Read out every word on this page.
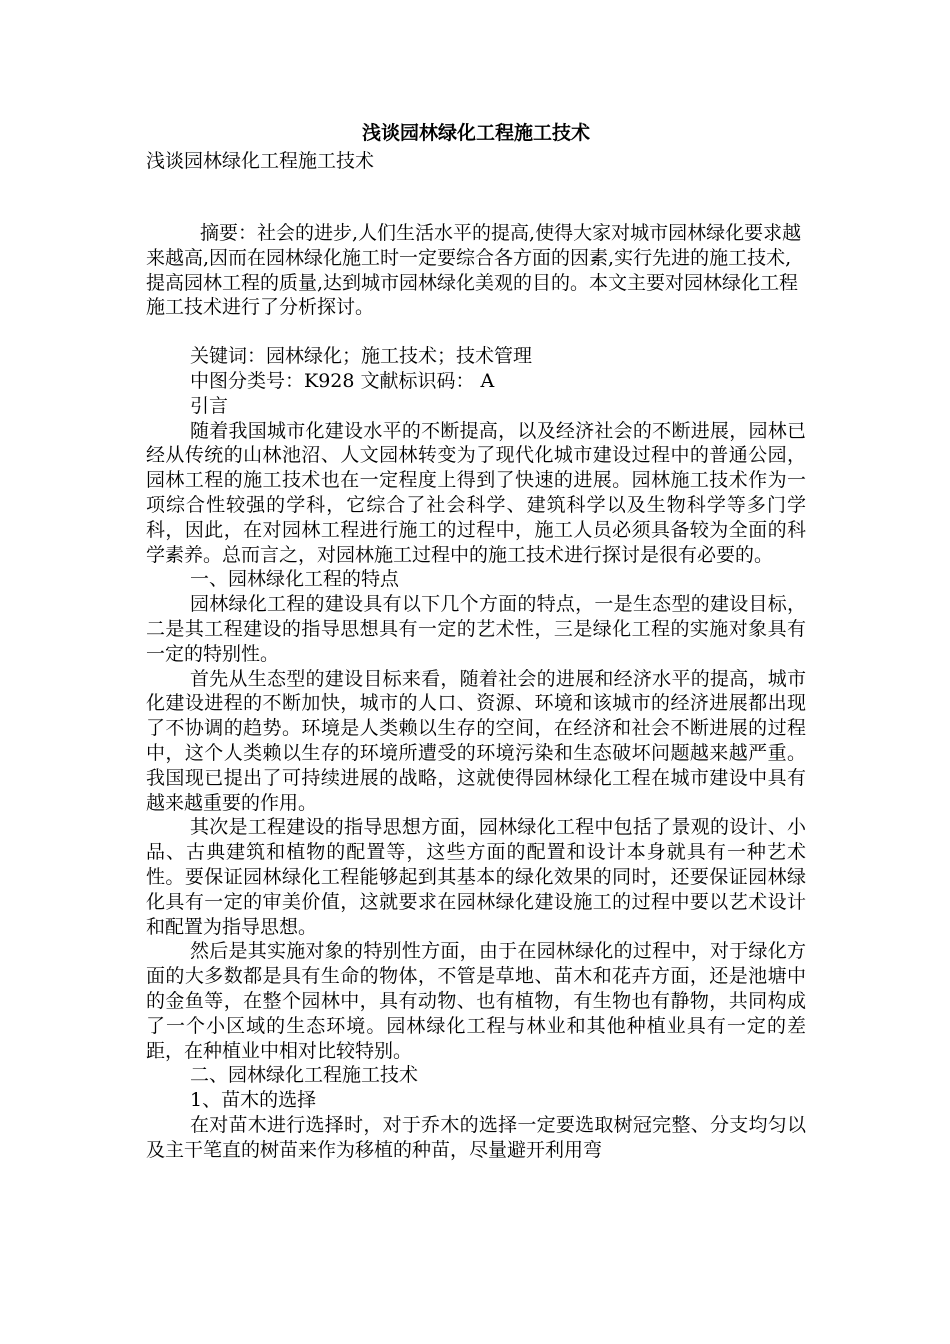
浅谈园林绿化工程施工技术
浅谈园林绿化工程施工技术

摘要：社会的进步,人们生活水平的提高,使得大家对城市园林绿化要求越来越高,因而在园林绿化施工时一定要综合各方面的因素,实行先进的施工技术,提高园林工程的质量,达到城市园林绿化美观的目的。本文主要对园林绿化工程施工技术进行了分析探讨。

关键词：园林绿化；施工技术；技术管理

中图分类号：K928 文献标识码： A

引言

随着我国城市化建设水平的不断提高，以及经济社会的不断进展，园林已经从传统的山林池沼、人文园林转变为了现代化城市建设过程中的普通公园，园林工程的施工技术也在一定程度上得到了快速的进展。园林施工技术作为一项综合性较强的学科，它综合了社会科学、建筑科学以及生物科学等多门学科，因此，在对园林工程进行施工的过程中，施工人员必须具备较为全面的科学素养。总而言之，对园林施工过程中的施工技术进行探讨是很有必要的。

一、园林绿化工程的特点

园林绿化工程的建设具有以下几个方面的特点，一是生态型的建设目标，二是其工程建设的指导思想具有一定的艺术性，三是绿化工程的实施对象具有一定的特别性。

首先从生态型的建设目标来看，随着社会的进展和经济水平的提高，城市化建设进程的不断加快，城市的人口、资源、环境和该城市的经济进展都出现了不协调的趋势。环境是人类赖以生存的空间，在经济和社会不断进展的过程中，这个人类赖以生存的环境所遭受的环境污染和生态破坏问题越来越严重。我国现已提出了可持续进展的战略，这就使得园林绿化工程在城市建设中具有越来越重要的作用。

其次是工程建设的指导思想方面，园林绿化工程中包括了景观的设计、小品、古典建筑和植物的配置等，这些方面的配置和设计本身就具有一种艺术性。要保证园林绿化工程能够起到其基本的绿化效果的同时，还要保证园林绿化具有一定的审美价值，这就要求在园林绿化建设施工的过程中要以艺术设计和配置为指导思想。

然后是其实施对象的特别性方面，由于在园林绿化的过程中，对于绿化方面的大多数都是具有生命的物体，不管是草地、苗木和花卉方面，还是池塘中的金鱼等，在整个园林中，具有动物、也有植物，有生物也有静物，共同构成了一个小区域的生态环境。园林绿化工程与林业和其他种植业具有一定的差距，在种植业中相对比较特别。

二、园林绿化工程施工技术

1、苗木的选择

在对苗木进行选择时，对于乔木的选择一定要选取树冠完整、分支均匀以及主干笔直的树苗来作为移植的种苗，尽量避开利用弯
